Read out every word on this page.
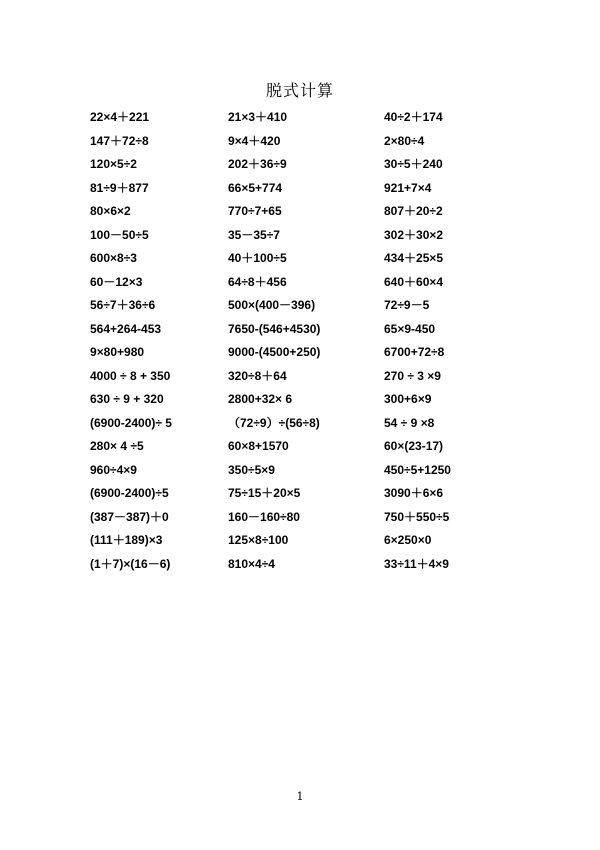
脱式计算
22×4＋221	21×3＋410	40÷2＋174
147＋72÷8	9×4＋420	2×80÷4
120×5÷2	202＋36÷9	30÷5＋240
81÷9＋877	66×5+774	921+7×4
80×6×2	770÷7+65	807＋20÷2
100－50÷5	35－35÷7	302＋30×2
600×8÷3	40＋100÷5	434＋25×5
60－12×3	64÷8＋456	640＋60×4
56÷7＋36÷6	500×(400－396)	72÷9－5
564+264-453	7650-(546+4530)	65×9-450
9×80+980	9000-(4500+250)	6700+72÷8
4000 ÷ 8 + 350	320÷8＋64	270 ÷ 3 ×9
630 ÷ 9 + 320	2800+32× 6	300+6×9
(6900-2400)÷ 5	（72÷9）÷(56÷8)	54 ÷ 9 ×8
280× 4 ÷5	60×8+1570	60×(23-17)
960÷4×9	350÷5×9	450÷5+1250
(6900-2400)÷5	75÷15＋20×5	3090＋6×6
(387－387)＋0	160－160÷80	750＋550÷5
(111＋189)×3	125×8÷100	6×250×0
(1＋7)×(16－6)	810×4÷4	33÷11＋4×9
1
